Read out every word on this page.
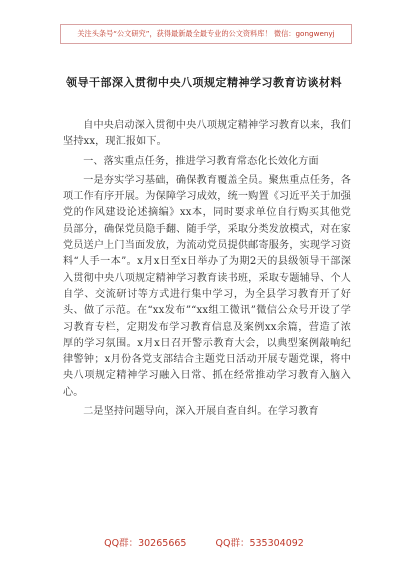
关注头条号“公文研究”，获得最新最全最专业的公文资料库！ 微信：gongwenyj
领导干部深入贯彻中央八项规定精神学习教育访谈材料

自中央启动深入贯彻中央八项规定精神学习教育以来，我们坚持xx，现汇报如下。

一、落实重点任务，推进学习教育常态化长效化方面

一是夯实学习基础，确保教育覆盖全员。聚焦重点任务，各项工作有序开展。为保障学习成效，统一购置《习近平关于加强党的作风建设论述摘编》xx本，同时要求单位自行购买其他党员部分，确保党员隐手翻、随手学，采取分类发放模式，对在家党员送户上门当面发放，为流动党员提供邮寄服务，实现学习资料“人手一本”。x月x日至x日举办了为期2天的县级领导干部深入贯彻中央八项规定精神学习教育读书班，采取专题辅导、个人自学、交流研讨等方式进行集中学习，为全县学习教育开了好头、做了示范。在“xx发布”“xx组工微讯”微信公众号开设了学习教育专栏，定期发布学习教育信息及案例xx余篇，营造了浓厚的学习氛围。x月x日召开警示教育大会，以典型案例敲响纪律警钟；x月份各党支部结合主题党日活动开展专题党课，将中央八项规定精神学习融入日常、抓在经常推动学习教育入脑入心。

二是坚持问题导向，深入开展自查自纠。在学习教育

QQ群：30265665	QQ群：535304092
